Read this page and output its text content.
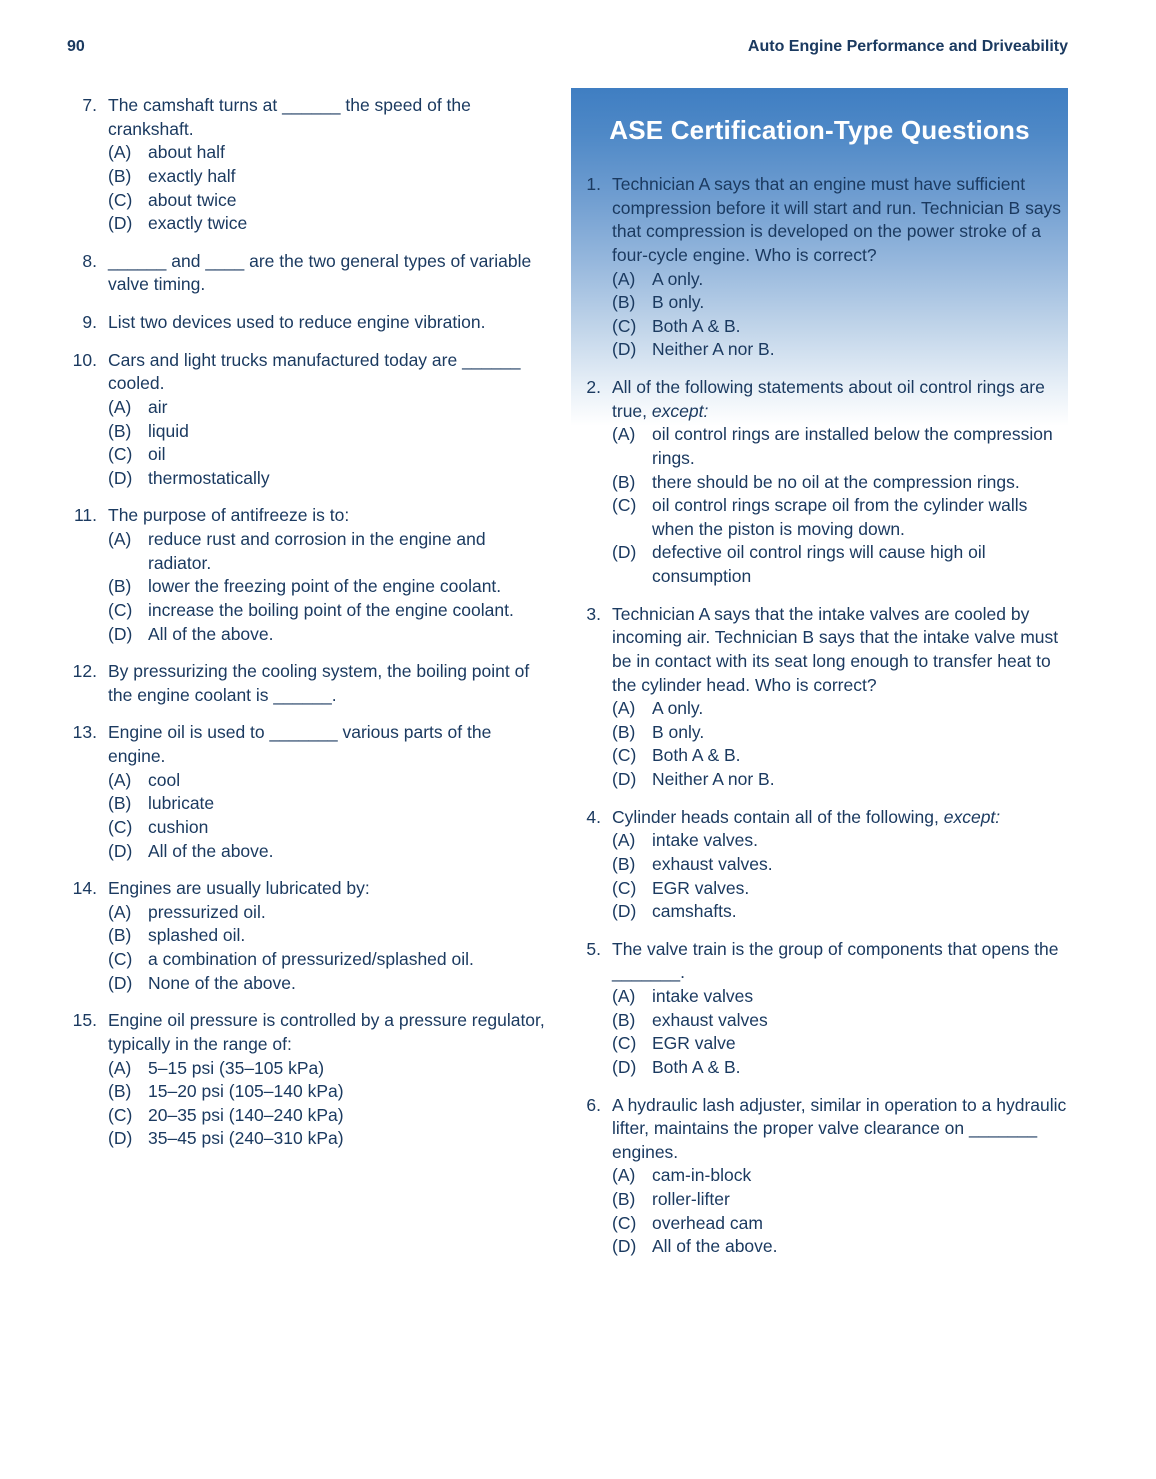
90	Auto Engine Performance and Driveability
7. The camshaft turns at ______ the speed of the crankshaft.
(A) about half
(B) exactly half
(C) about twice
(D) exactly twice
8. ______ and ____ are the two general types of variable valve timing.
9. List two devices used to reduce engine vibration.
10. Cars and light trucks manufactured today are ______ cooled.
(A) air
(B) liquid
(C) oil
(D) thermostatically
11. The purpose of antifreeze is to:
(A) reduce rust and corrosion in the engine and radiator.
(B) lower the freezing point of the engine coolant.
(C) increase the boiling point of the engine coolant.
(D) All of the above.
12. By pressurizing the cooling system, the boiling point of the engine coolant is ______.
13. Engine oil is used to _______ various parts of the engine.
(A) cool
(B) lubricate
(C) cushion
(D) All of the above.
14. Engines are usually lubricated by:
(A) pressurized oil.
(B) splashed oil.
(C) a combination of pressurized/splashed oil.
(D) None of the above.
15. Engine oil pressure is controlled by a pressure regulator, typically in the range of:
(A) 5–15 psi (35–105 kPa)
(B) 15–20 psi (105–140 kPa)
(C) 20–35 psi (140–240 kPa)
(D) 35–45 psi (240–310 kPa)
ASE Certification-Type Questions
1. Technician A says that an engine must have sufficient compression before it will start and run. Technician B says that compression is developed on the power stroke of a four-cycle engine. Who is correct?
(A) A only.
(B) B only.
(C) Both A & B.
(D) Neither A nor B.
2. All of the following statements about oil control rings are true, except:
(A) oil control rings are installed below the compression rings.
(B) there should be no oil at the compression rings.
(C) oil control rings scrape oil from the cylinder walls when the piston is moving down.
(D) defective oil control rings will cause high oil consumption
3. Technician A says that the intake valves are cooled by incoming air. Technician B says that the intake valve must be in contact with its seat long enough to transfer heat to the cylinder head. Who is correct?
(A) A only.
(B) B only.
(C) Both A & B.
(D) Neither A nor B.
4. Cylinder heads contain all of the following, except:
(A) intake valves.
(B) exhaust valves.
(C) EGR valves.
(D) camshafts.
5. The valve train is the group of components that opens the _______.
(A) intake valves
(B) exhaust valves
(C) EGR valve
(D) Both A & B.
6. A hydraulic lash adjuster, similar in operation to a hydraulic lifter, maintains the proper valve clearance on _______ engines.
(A) cam-in-block
(B) roller-lifter
(C) overhead cam
(D) All of the above.
